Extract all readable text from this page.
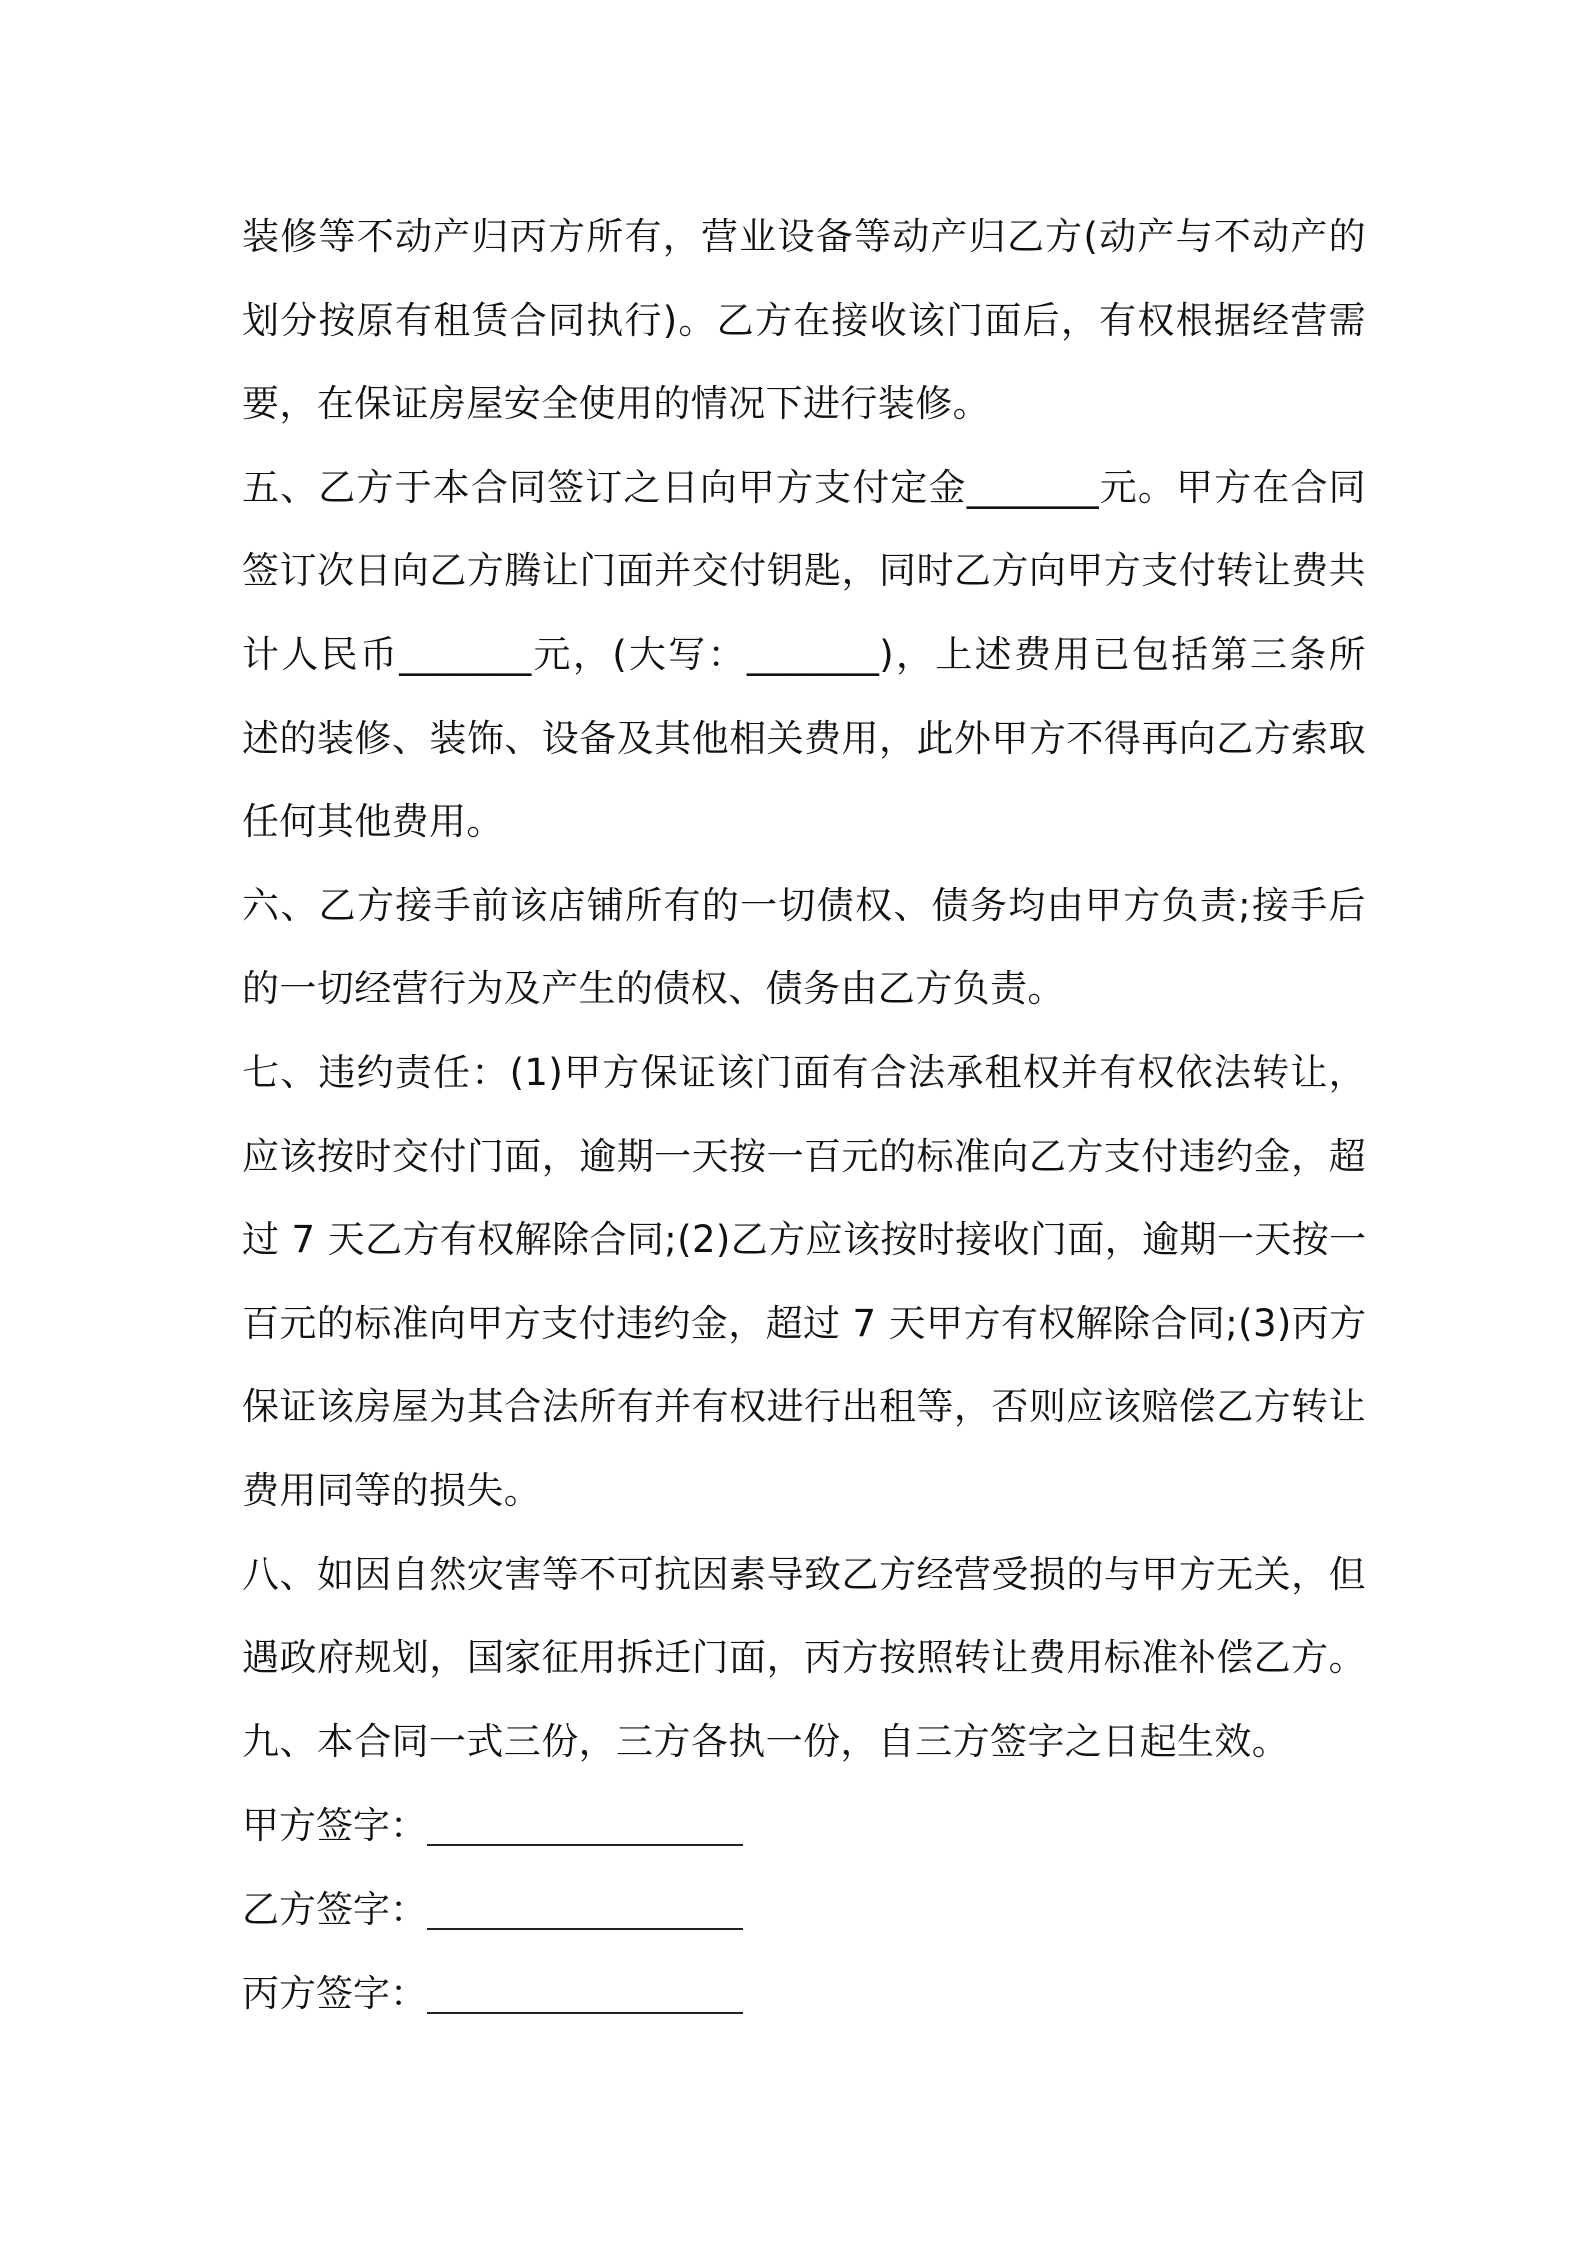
装修等不动产归丙方所有，营业设备等动产归乙方(动产与不动产的
划分按原有租赁合同执行)。乙方在接收该门面后，有权根据经营需
要，在保证房屋安全使用的情况下进行装修。
五、乙方于本合同签订之日向甲方支付定金_______元。甲方在合同
签订次日向乙方腾让门面并交付钥匙，同时乙方向甲方支付转让费共
计人民币_______元，(大写：_______)，上述费用已包括第三条所
述的装修、装饰、设备及其他相关费用，此外甲方不得再向乙方索取
任何其他费用。
六、乙方接手前该店铺所有的一切债权、债务均由甲方负责;接手后
的一切经营行为及产生的债权、债务由乙方负责。
七、违约责任：(1)甲方保证该门面有合法承租权并有权依法转让，
应该按时交付门面，逾期一天按一百元的标准向乙方支付违约金，超
过 7 天乙方有权解除合同;(2)乙方应该按时接收门面，逾期一天按一
百元的标准向甲方支付违约金，超过 7 天甲方有权解除合同;(3)丙方
保证该房屋为其合法所有并有权进行出租等，否则应该赔偿乙方转让
费用同等的损失。
八、如因自然灾害等不可抗因素导致乙方经营受损的与甲方无关，但
遇政府规划，国家征用拆迁门面，丙方按照转让费用标准补偿乙方。
九、本合同一式三份，三方各执一份，自三方签字之日起生效。
甲方签字：
乙方签字：
丙方签字：
